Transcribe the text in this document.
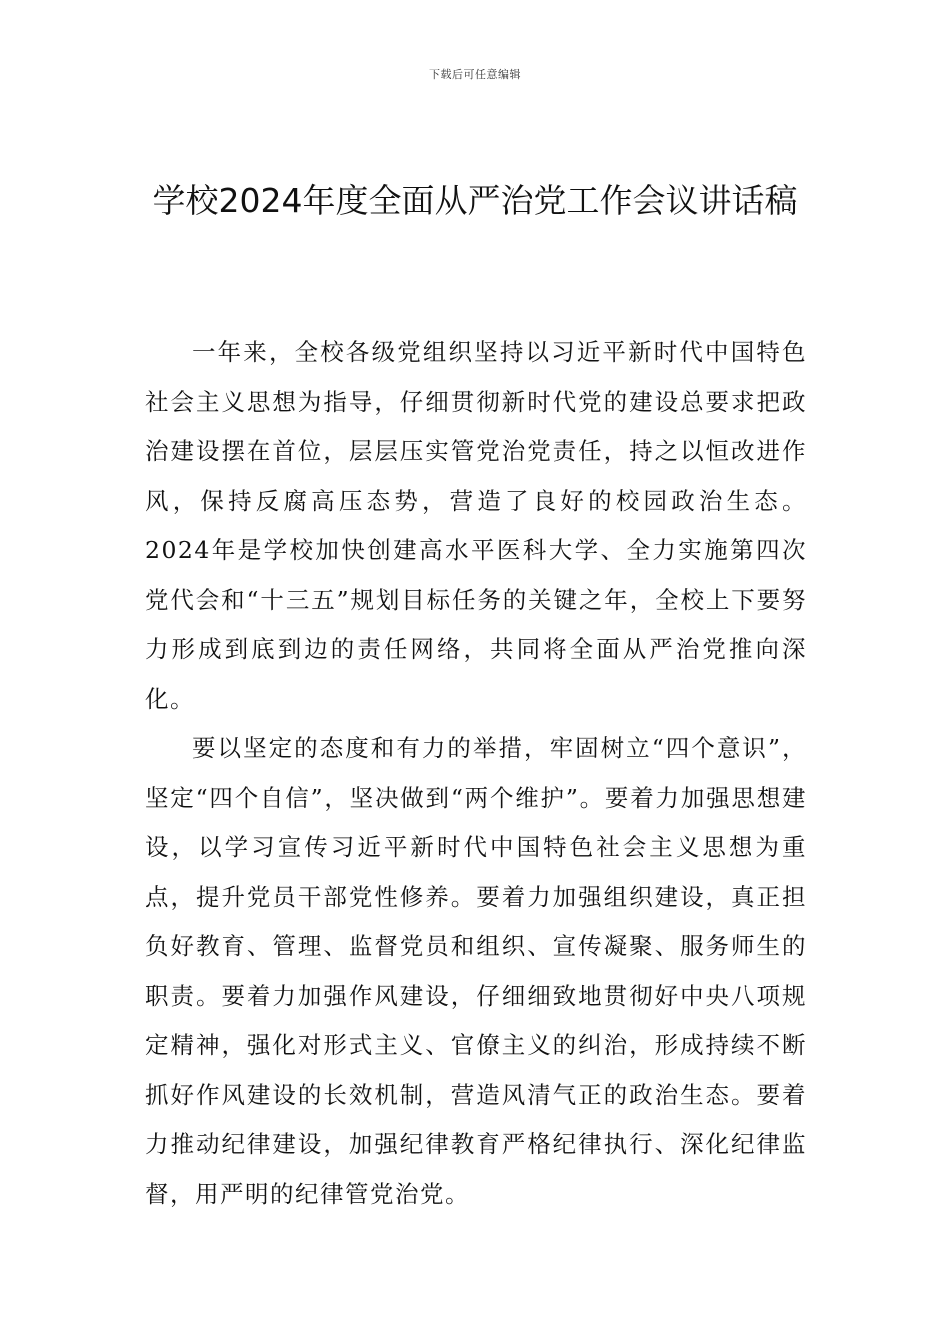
下载后可任意编辑
学校2024年度全面从严治党工作会议讲话稿

一年来，全校各级党组织坚持以习近平新时代中国特色社会主义思想为指导，仔细贯彻新时代党的建设总要求把政治建设摆在首位，层层压实管党治党责任，持之以恒改进作风，保持反腐高压态势，营造了良好的校园政治生态。2024年是学校加快创建高水平医科大学、全力实施第四次党代会和“十三五”规划目标任务的关键之年，全校上下要努力形成到底到边的责任网络，共同将全面从严治党推向深化。

要以坚定的态度和有力的举措，牢固树立“四个意识”，坚定“四个自信”，坚决做到“两个维护”。要着力加强思想建设，以学习宣传习近平新时代中国特色社会主义思想为重点，提升党员干部党性修养。要着力加强组织建设，真正担负好教育、管理、监督党员和组织、宣传凝聚、服务师生的职责。要着力加强作风建设，仔细细致地贯彻好中央八项规定精神，强化对形式主义、官僚主义的纠治，形成持续不断抓好作风建设的长效机制，营造风清气正的政治生态。要着力推动纪律建设，加强纪律教育严格纪律执行、深化纪律监督，用严明的纪律管党治党。
